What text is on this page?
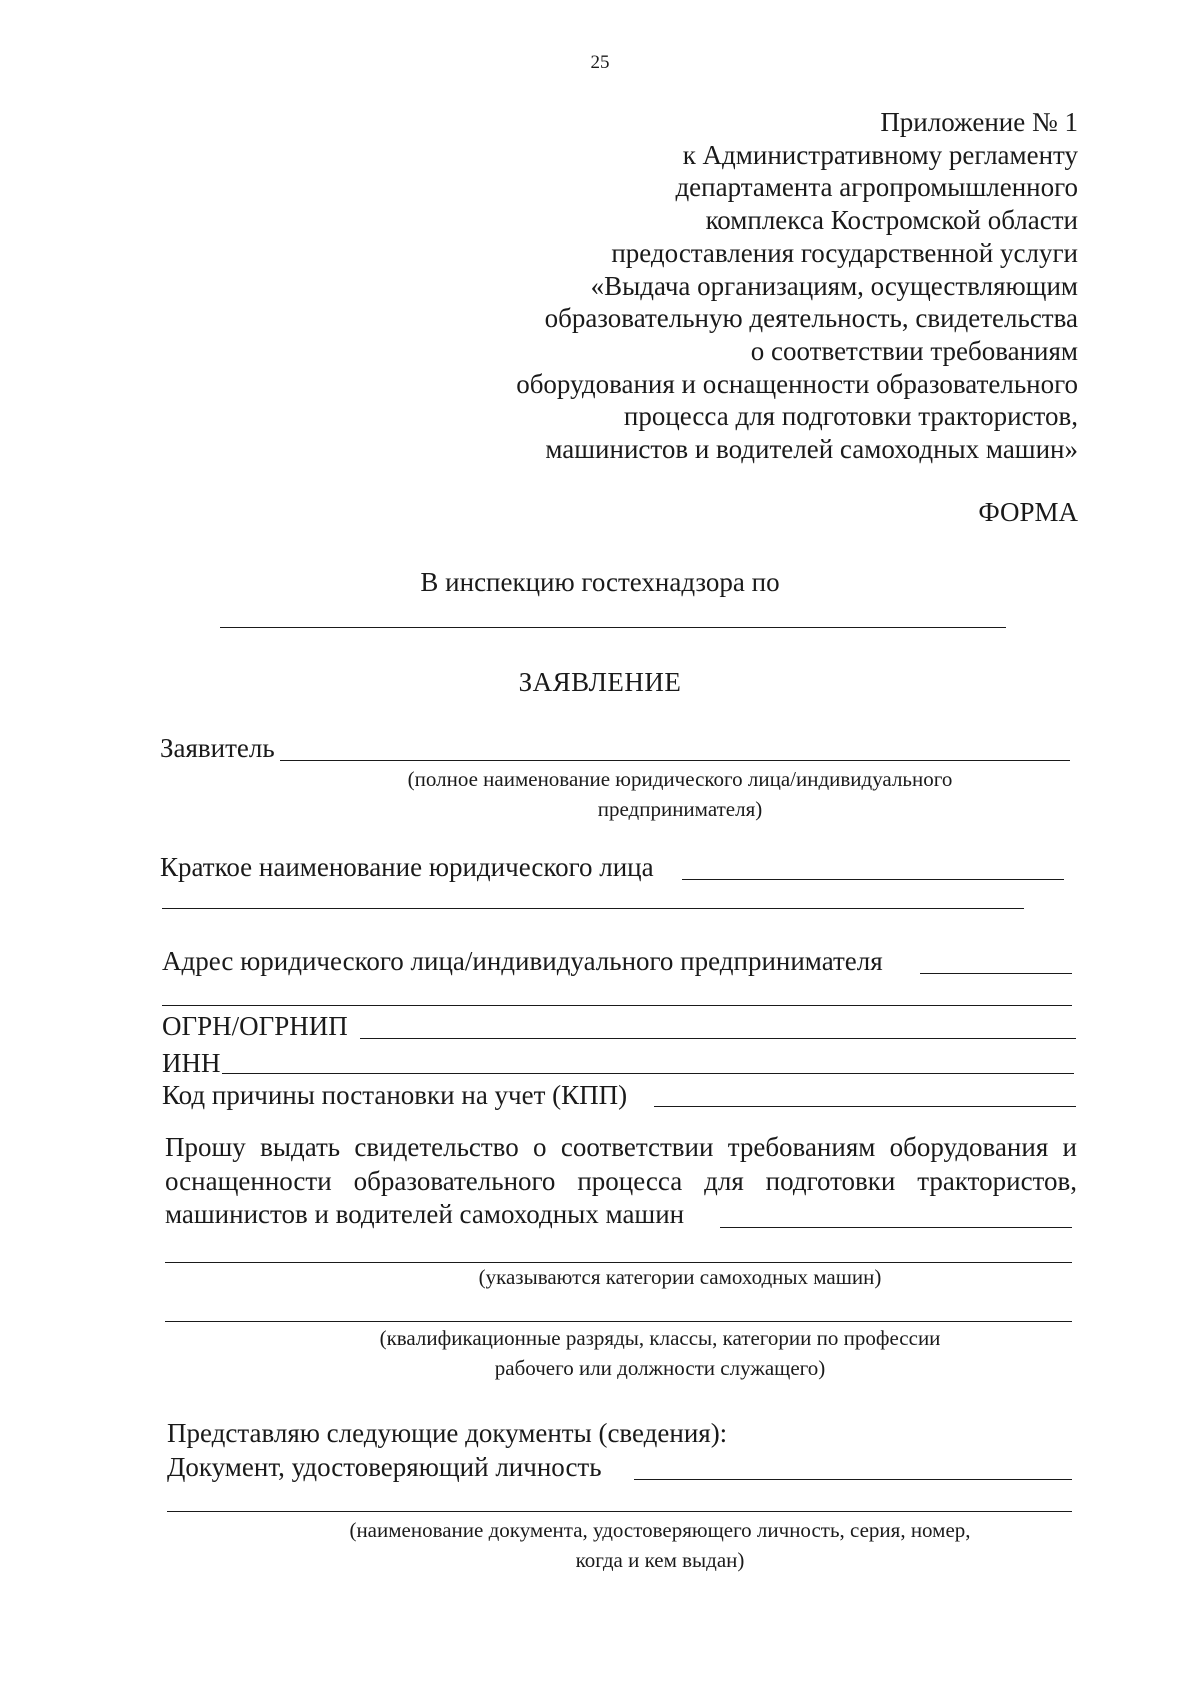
25
Приложение № 1
к Административному регламенту
департамента агропромышленного
комплекса Костромской области
предоставления государственной услуги
«Выдача организациям, осуществляющим
образовательную деятельность, свидетельства
о соответствии требованиям
оборудования и оснащенности образовательного
процесса для подготовки трактористов,
машинистов и водителей самоходных машин»
ФОРМА
В инспекцию гостехнадзора по
ЗАЯВЛЕНИЕ
Заявитель
(полное наименование юридического лица/индивидуального
предпринимателя)
Краткое наименование юридического лица
Адрес юридического лица/индивидуального предпринимателя
ОГРН/ОГРНИП
ИНН
Код причины постановки на учет (КПП)
Прошу выдать свидетельство о соответствии требованиям оборудования и
оснащенности образовательного процесса для подготовки трактористов,
машинистов и водителей самоходных машин
(указываются категории самоходных машин)
(квалификационные разряды, классы, категории по профессии
рабочего или должности служащего)
Представляю следующие документы (сведения):
Документ, удостоверяющий личность
(наименование документа, удостоверяющего личность, серия, номер,
когда и кем выдан)
